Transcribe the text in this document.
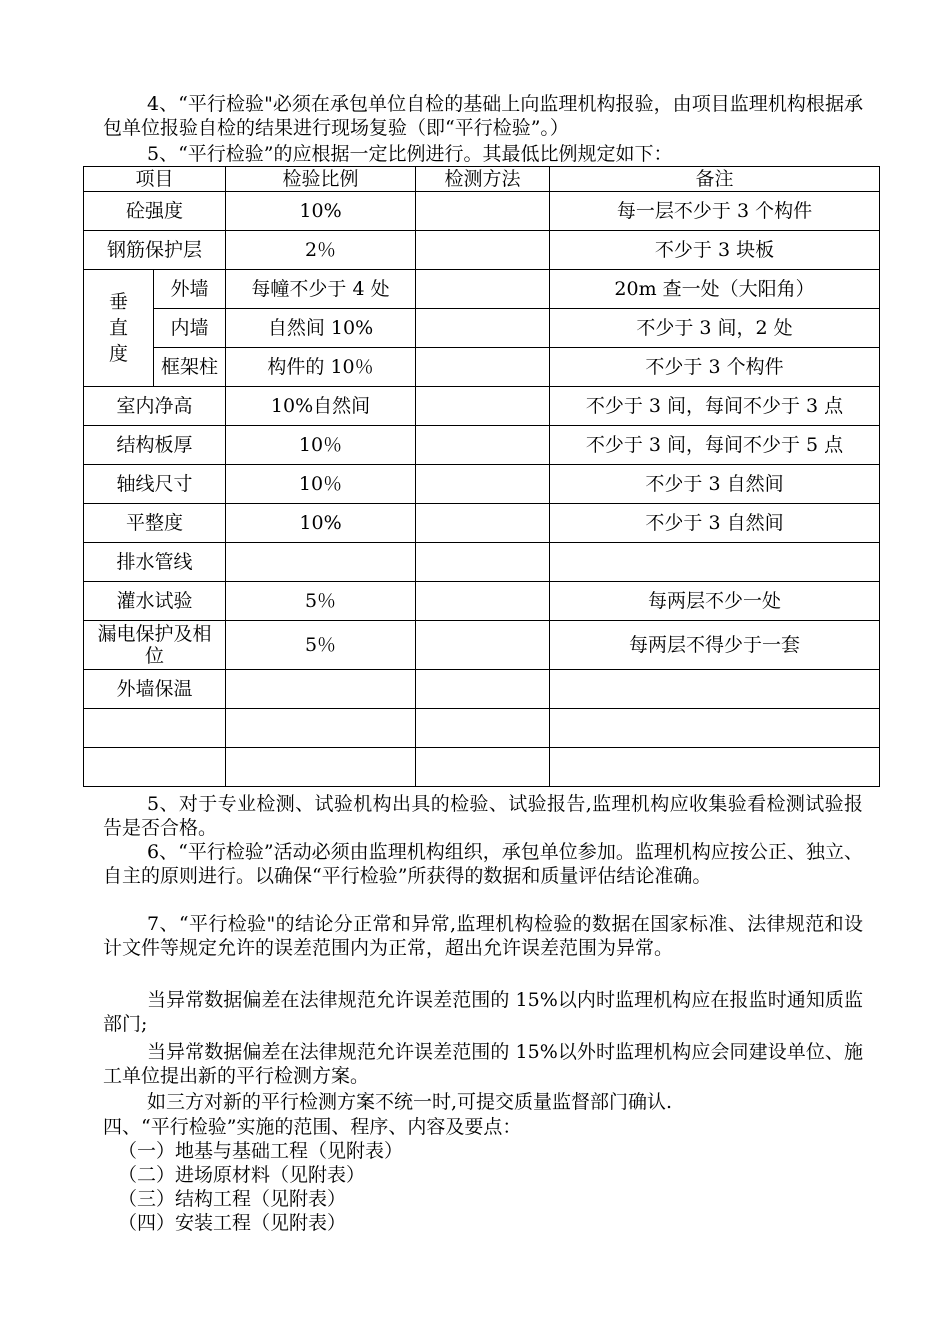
4、“平行检验"必须在承包单位自检的基础上向监理机构报验，由项目监理机构根据承包单位报验自检的结果进行现场复验（即“平行检验”。）

5、“平行检验”的应根据一定比例进行。其最低比例规定如下：

项目		检验比例	检测方法	备注
砼强度		10%		每一层不少于 3 个构件
钢筋保护层		2％		不少于 3 块板

垂直度	外墙	每幢不少于 4 处		20m 查一处（大阳角）
	内墙	自然间 10%		不少于 3 间，2 处
	框架柱	构件的 10％		不少于 3 个构件
室内净高		10%自然间		不少于 3 间，每间不少于 3 点
结构板厚		10％		不少于 3 间，每间不少于 5 点
轴线尺寸		10％		不少于 3 自然间
平整度		10%		不少于 3 自然间
排水管线				
灌水试验		5％		每两层不少一处

漏电保护及相位		5％		每两层不得少于一套
外墙保温				

5、对于专业检测、试验机构出具的检验、试验报告,监理机构应收集验看检测试验报告是否合格。

6、“平行检验”活动必须由监理机构组织，承包单位参加。监理机构应按公正、独立、自主的原则进行。以确保“平行检验”所获得的数据和质量评估结论准确。

7、“平行检验"的结论分正常和异常,监理机构检验的数据在国家标准、法律规范和设计文件等规定允许的误差范围内为正常，超出允许误差范围为异常。

当异常数据偏差在法律规范允许误差范围的 15%以内时监理机构应在报监时通知质监部门;

当异常数据偏差在法律规范允许误差范围的 15%以外时监理机构应会同建设单位、施工单位提出新的平行检测方案。

如三方对新的平行检测方案不统一时,可提交质量监督部门确认.

四、“平行检验”实施的范围、程序、内容及要点：

（一）地基与基础工程（见附表）

（二）进场原材料（见附表）

（三）结构工程（见附表）

（四）安装工程（见附表）
